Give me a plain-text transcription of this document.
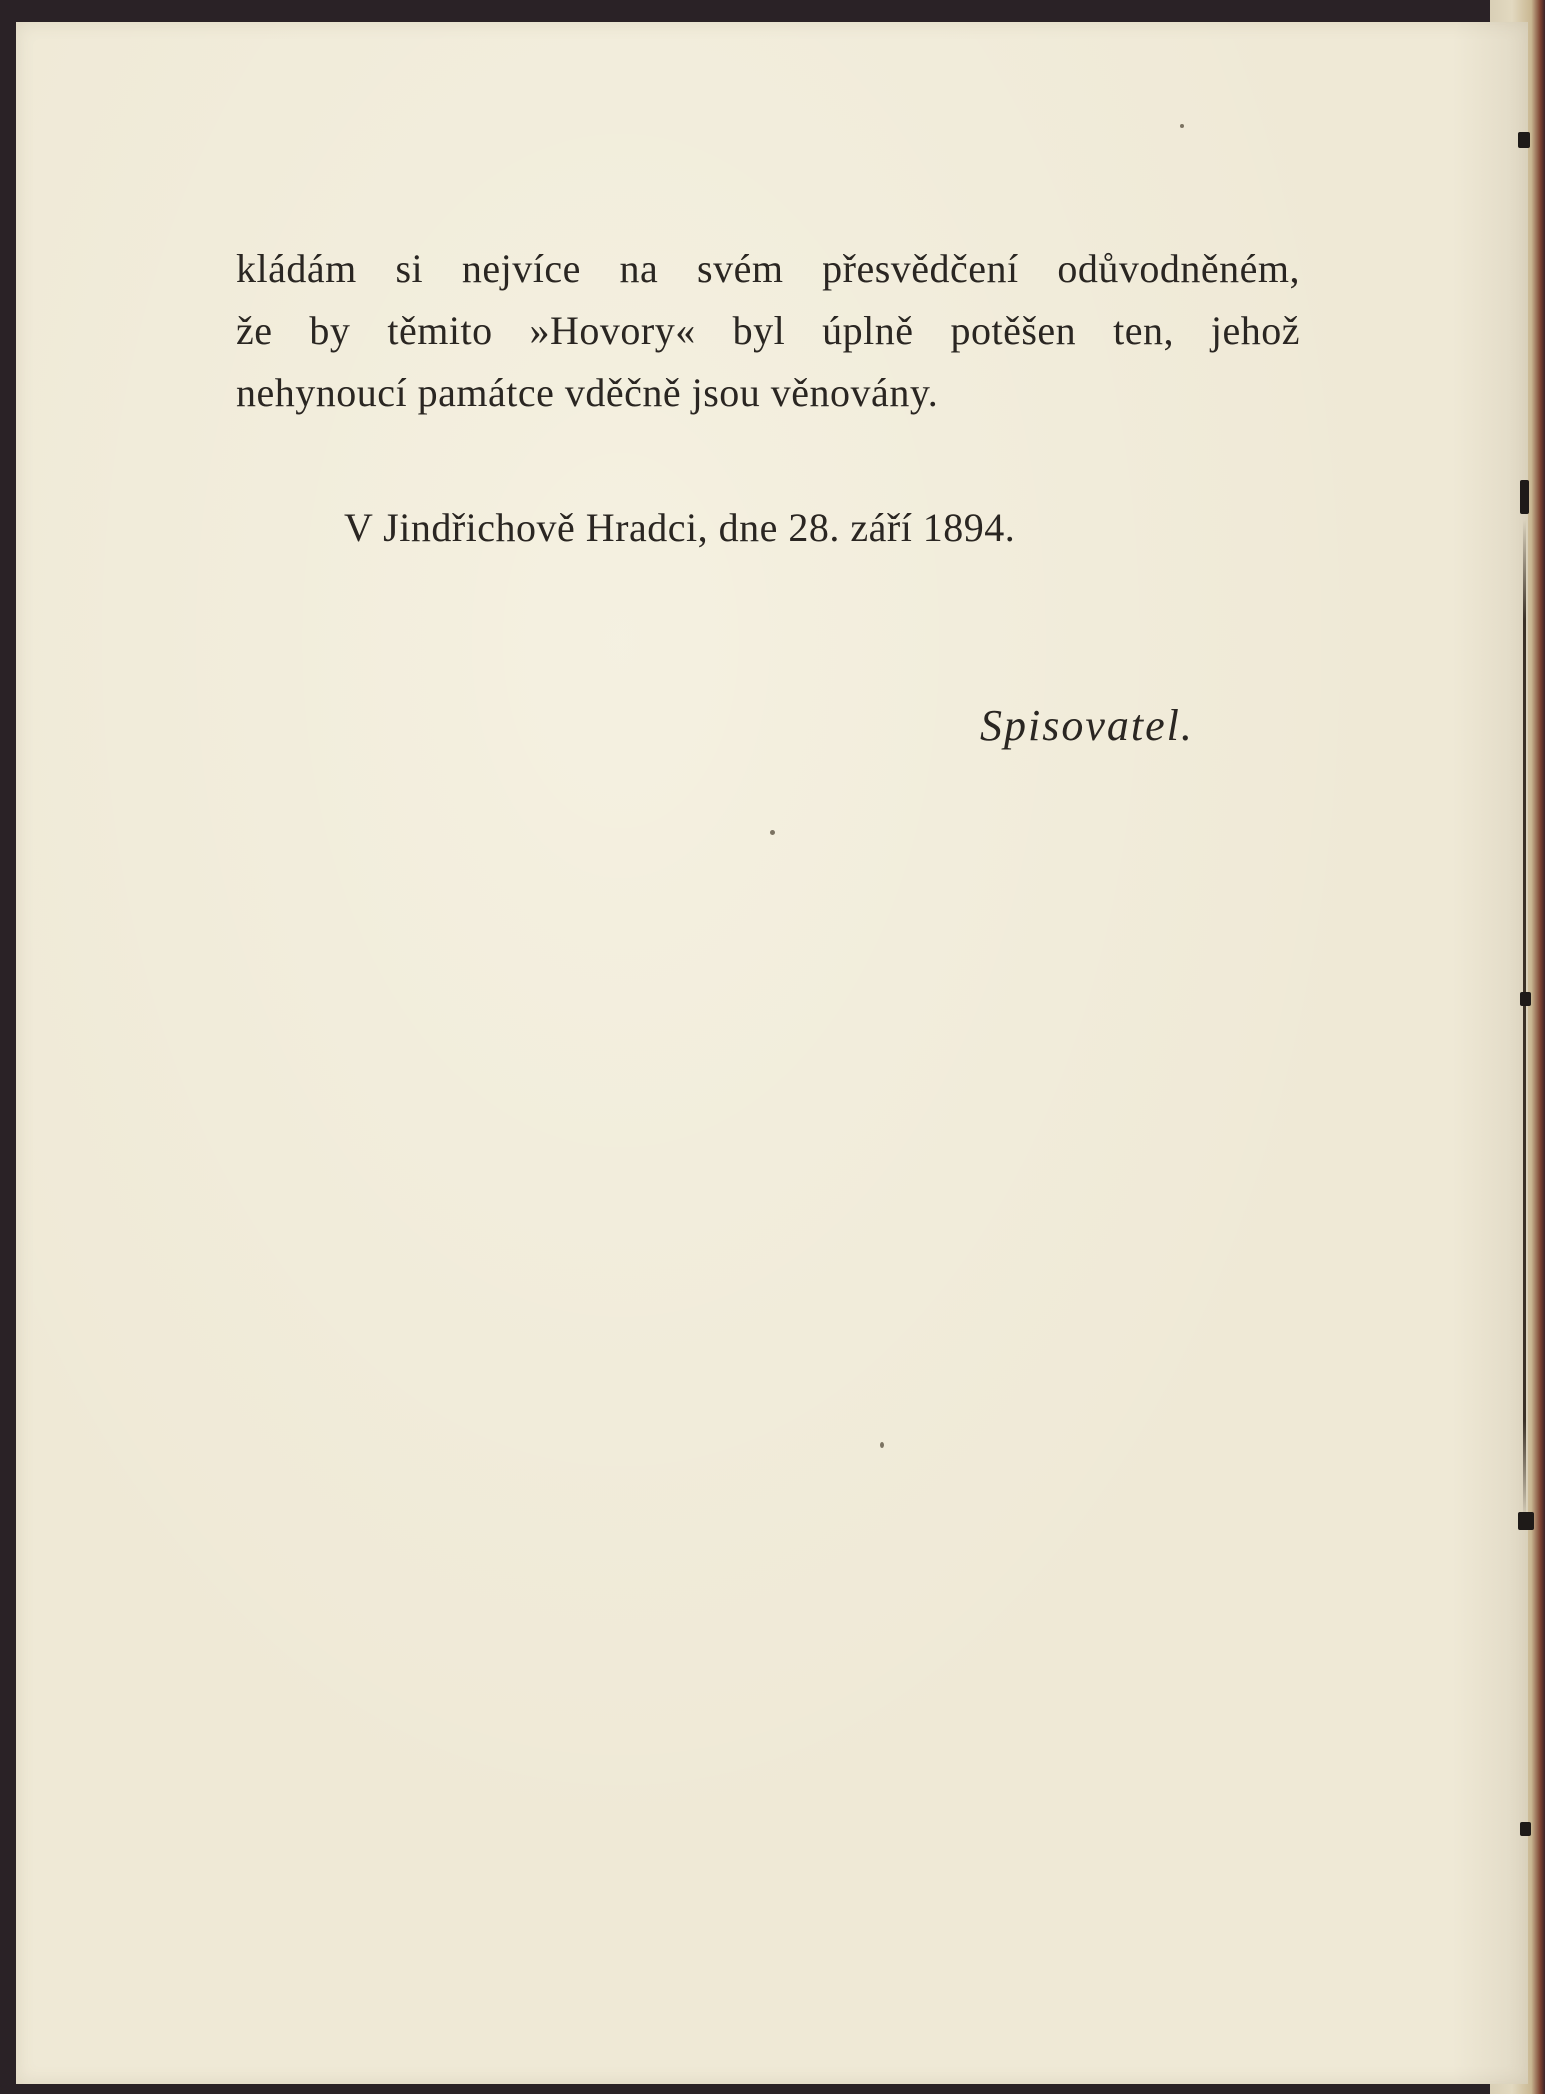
kládám si nejvíce na svém přesvědčení odůvodněném,
že by těmito »Hovory« byl úplně potěšen ten, jehož
nehynoucí památce vděčně jsou věnovány.
V Jindřichově Hradci, dne 28. září 1894.
Spisovatel.
